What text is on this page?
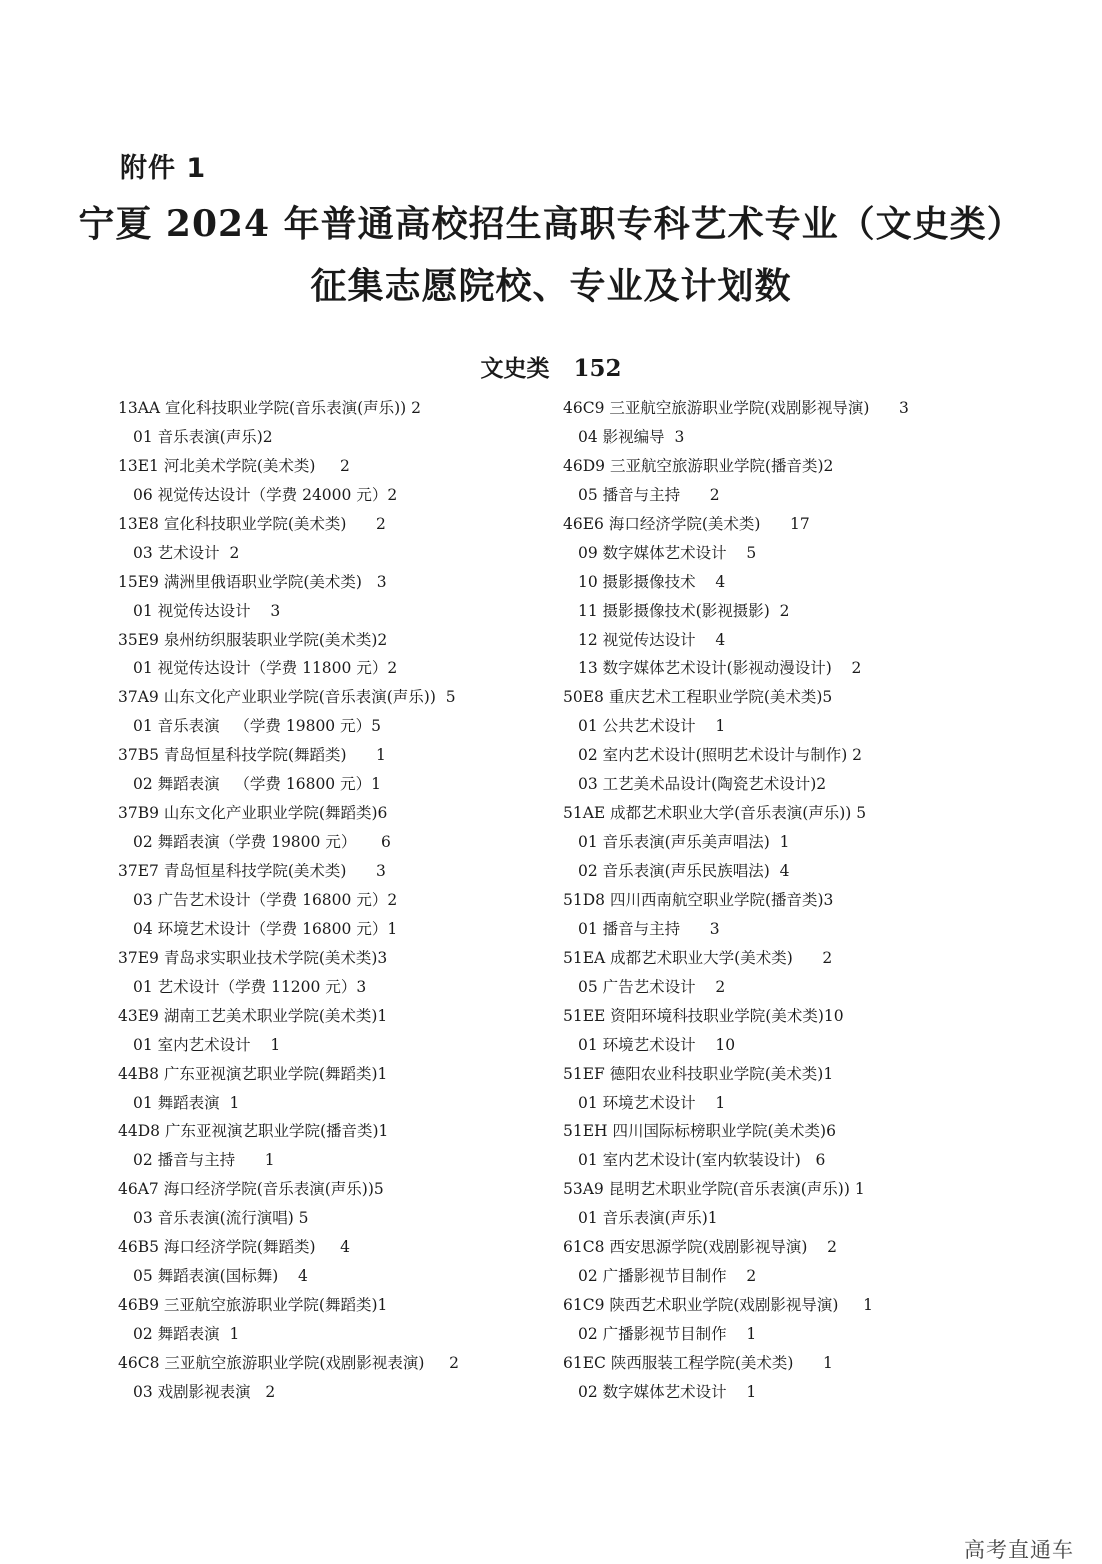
附件 1
宁夏 2024 年普通高校招生高职专科艺术专业（文史类）
征集志愿院校、专业及计划数
文史类   152
13AA 宣化科技职业学院(音乐表演(声乐)) 2
01 音乐表演(声乐)2
13E1 河北美术学院(美术类)     2
06 视觉传达设计（学费 24000 元）2
13E8 宣化科技职业学院(美术类)      2
03 艺术设计  2
15E9 满洲里俄语职业学院(美术类)   3
01 视觉传达设计    3
35E9 泉州纺织服装职业学院(美术类)2
01 视觉传达设计（学费 11800 元）2
37A9 山东文化产业职业学院(音乐表演(声乐))  5
01 音乐表演   （学费 19800 元）5
37B5 青岛恒星科技学院(舞蹈类)      1
02 舞蹈表演   （学费 16800 元）1
37B9 山东文化产业职业学院(舞蹈类)6
02 舞蹈表演（学费 19800 元）     6
37E7 青岛恒星科技学院(美术类)      3
03 广告艺术设计（学费 16800 元）2
04 环境艺术设计（学费 16800 元）1
37E9 青岛求实职业技术学院(美术类)3
01 艺术设计（学费 11200 元）3
43E9 湖南工艺美术职业学院(美术类)1
01 室内艺术设计    1
44B8 广东亚视演艺职业学院(舞蹈类)1
01 舞蹈表演  1
44D8 广东亚视演艺职业学院(播音类)1
02 播音与主持      1
46A7 海口经济学院(音乐表演(声乐))5
03 音乐表演(流行演唱) 5
46B5 海口经济学院(舞蹈类)     4
05 舞蹈表演(国标舞)    4
46B9 三亚航空旅游职业学院(舞蹈类)1
02 舞蹈表演  1
46C8 三亚航空旅游职业学院(戏剧影视表演)     2
03 戏剧影视表演   2
46C9 三亚航空旅游职业学院(戏剧影视导演)      3
04 影视编导  3
46D9 三亚航空旅游职业学院(播音类)2
05 播音与主持      2
46E6 海口经济学院(美术类)      17
09 数字媒体艺术设计    5
10 摄影摄像技术    4
11 摄影摄像技术(影视摄影)  2
12 视觉传达设计    4
13 数字媒体艺术设计(影视动漫设计)    2
50E8 重庆艺术工程职业学院(美术类)5
01 公共艺术设计    1
02 室内艺术设计(照明艺术设计与制作) 2
03 工艺美术品设计(陶瓷艺术设计)2
51AE 成都艺术职业大学(音乐表演(声乐)) 5
01 音乐表演(声乐美声唱法)  1
02 音乐表演(声乐民族唱法)  4
51D8 四川西南航空职业学院(播音类)3
01 播音与主持      3
51EA 成都艺术职业大学(美术类)      2
05 广告艺术设计    2
51EE 资阳环境科技职业学院(美术类)10
01 环境艺术设计    10
51EF 德阳农业科技职业学院(美术类)1
01 环境艺术设计    1
51EH 四川国际标榜职业学院(美术类)6
01 室内艺术设计(室内软装设计)   6
53A9 昆明艺术职业学院(音乐表演(声乐)) 1
01 音乐表演(声乐)1
61C8 西安思源学院(戏剧影视导演)    2
02 广播影视节目制作    2
61C9 陕西艺术职业学院(戏剧影视导演)     1
02 广播影视节目制作    1
61EC 陕西服装工程学院(美术类)      1
02 数字媒体艺术设计    1
高考直通车
